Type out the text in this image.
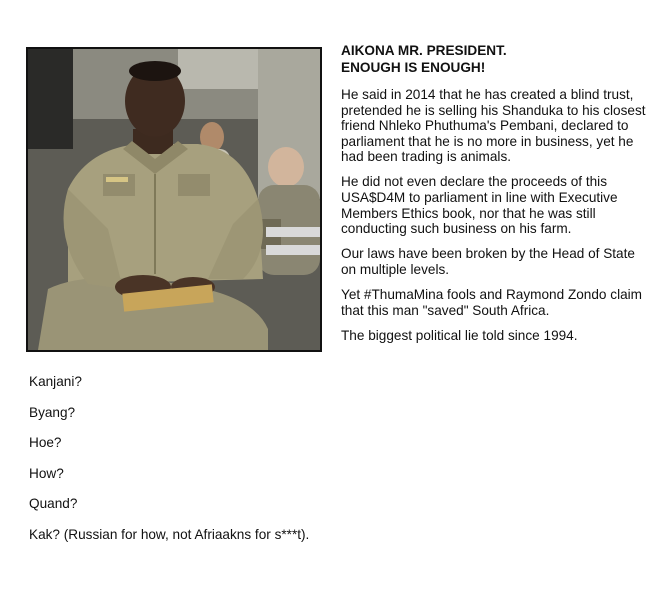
AIKONA MR. PRESIDENT.
ENOUGH IS ENOUGH!

He said in 2014 that he has created a blind trust, pretended he is selling his Shanduka to his closest friend Nhleko Phuthuma's Pembani, declared to parliament that he is no more in business, yet he had been trading is animals.

He did not even declare the proceeds of this USA$D4M to parliament in line with Executive Members Ethics book, nor that he was still conducting such business on his farm.

Our laws have been broken by the Head of State on multiple levels.

Yet #ThumaMina fools and Raymond Zondo claim that this man "saved" South Africa.

The biggest political lie told since 1994.

Kanjani?
Byang?
Hoe?
How?
Quand?
Kak? (Russian for how, not Afriaakns for s***t).
